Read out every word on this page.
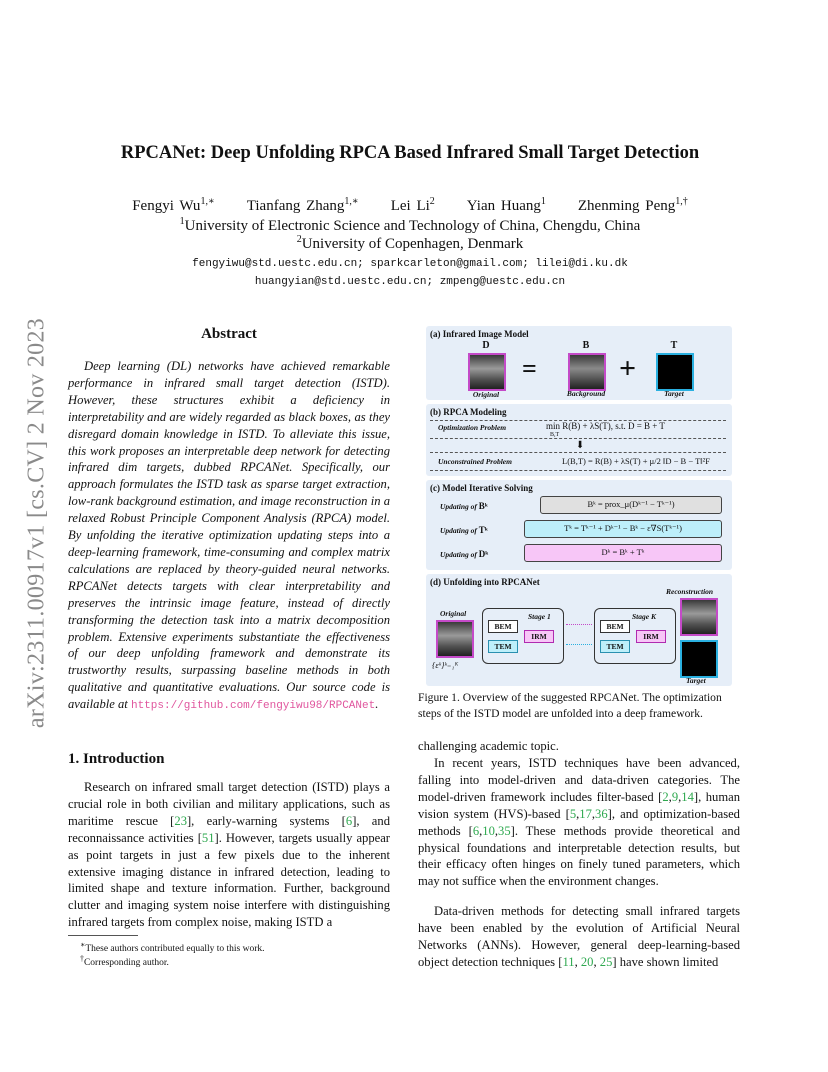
arXiv:2311.00917v1 [cs.CV] 2 Nov 2023
RPCANet: Deep Unfolding RPCA Based Infrared Small Target Detection
Fengyi $Wu^{1,∗}$ Tianfang Zhang$^{1,∗}$ Lei Li$^2$ Yian Huang$^1$ Zhenming Peng$^{1,\dagger}$
$^1$University of Electronic Science and Technology of China, Chengdu, China
$^2$University of Copenhagen, Denmark
fengyiwu@std.uestc.edu.cn; sparkcarleton@gmail.com; lilei@di.ku.dk
huangyian@std.uestc.edu.cn; zmpeng@uestc.edu.cn
Abstract
Deep learning (DL) networks have achieved remarkable performance in infrared small target detection (ISTD). However, these structures exhibit a deficiency in interpretability and are widely regarded as black boxes, as they disregard domain knowledge in ISTD. To alleviate this issue, this work proposes an interpretable deep network for detecting infrared dim targets, dubbed RPCANet. Specifically, our approach formulates the ISTD task as sparse target extraction, low-rank background estimation, and image reconstruction in a relaxed Robust Principle Component Analysis (RPCA) model. By unfolding the iterative optimization updating steps into a deep-learning framework, time-consuming and complex matrix calculations are replaced by theory-guided neural networks. RPCANet detects targets with clear interpretability and preserves the intrinsic image feature, instead of directly transforming the detection task into a matrix decomposition problem. Extensive experiments substantiate the effectiveness of our deep unfolding framework and demonstrate its trustworthy results, surpassing baseline methods in both qualitative and quantitative evaluations. Our source code is available at https://github.com/fengyiwu98/RPCANet.
1. Introduction
Research on infrared small target detection (ISTD) plays a crucial role in both civilian and military applications, such as maritime rescue [23], early-warning systems [6], and reconnaissance activities [51]. However, targets usually appear as point targets in just a few pixels due to the inherent extensive imaging distance in infrared detection, leading to limited shape and texture information. Further, background clutter and imaging system noise interfere with distinguishing infrared targets from complex noise, making ISTD a
∗These authors contributed equally to this work.
†Corresponding author.
challenging academic topic.
In recent years, ISTD techniques have been advanced, falling into model-driven and data-driven categories. The model-driven framework includes filter-based [2,9,14], human vision system (HVS)-based [5,17,36], and optimization-based methods [6,10,35]. These methods provide theoretical and physical foundations and interpretable detection results, but their efficacy often hinges on finely tuned parameters, which may not suffice when the environment changes.
Data-driven methods for detecting small infrared targets have been enabled by the evolution of Artificial Neural Networks (ANNs). However, general deep-learning-based object detection techniques [11, 20, 25] have shown limited
Figure 1. Overview of the suggested RPCANet. The optimization steps of the ISTD model are unfolded into a deep framework.
(a) Infrared Image Model
D	B	T
=	+
Original	Background	Target
(b) RPCA Modeling
Optimization Problem	min R(B) + λS(T), s.t. D = B + T
B,T
⬇
Unconstrained Problem	L(B,T) = R(B) + λS(T) + μ/2 ‖D − B − T‖²F
(c) Model Iterative Solving
Updating of Bᵏ	Bᵏ = prox_μ(Dᵏ⁻¹ − Tᵏ⁻¹)
Updating of Tᵏ	Tᵏ = Tᵏ⁻¹ + Dᵏ⁻¹ − Bᵏ − ε∇S(Tᵏ⁻¹)
Updating of Dᵏ	Dᵏ = Bᵏ + Tᵏ
(d) Unfolding into RPCANet
Reconstruction
Original
{εᵏ}ᵏ₌₁ᴷ
Stage 1
BEM
IRM
TEM
Stage K
BEM
IRM
TEM
Target
